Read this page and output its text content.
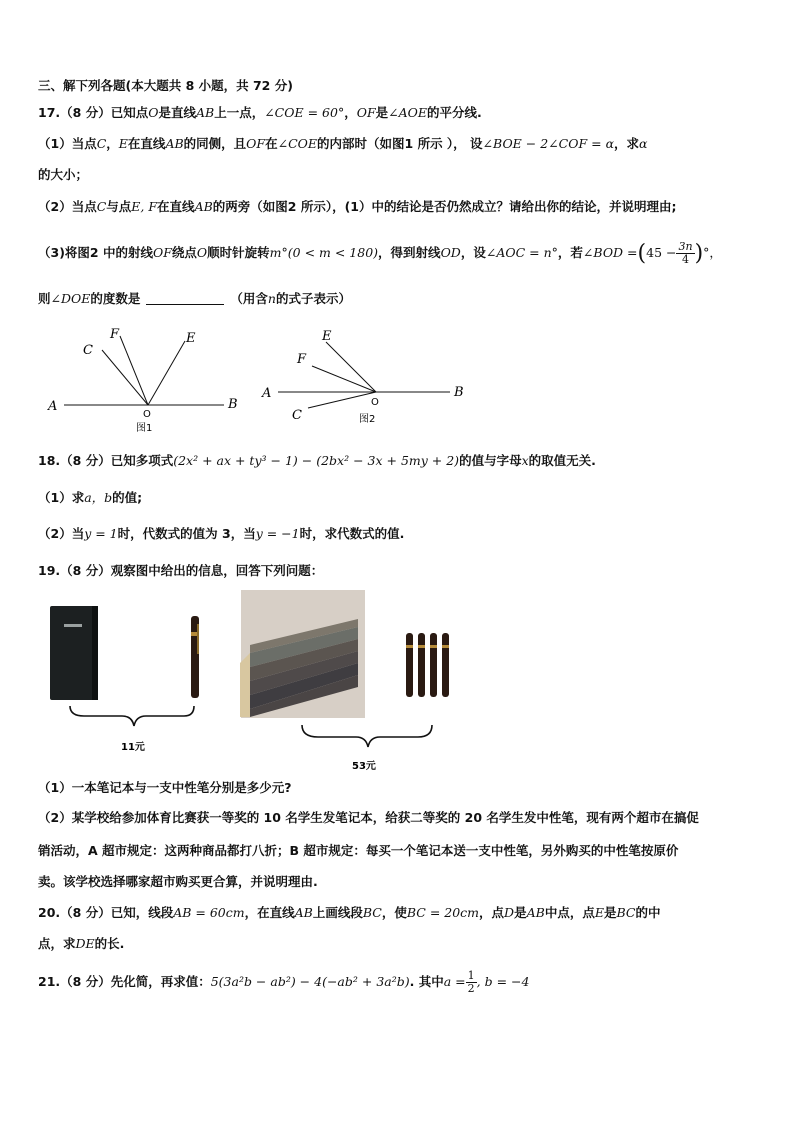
三、解下列各题(本大题共 8 小题，共 72 分)
17.（8 分）已知点O是直线AB上一点，∠COE = 60°，OF是∠AOE的平分线.
（1）当点C，E在直线AB的同侧，且OF在∠COE的内部时（如图1 所示 ）， 设∠BOE − 2∠COF = α，求α
的大小；
（2）当点C与点E, F在直线AB的两旁（如图2 所示），(1）中的结论是否仍然成立？请给出你的结论，并说明理由;
（3)将图2 中的射线OF绕点O顺时针旋转m°(0 < m < 180)，得到射线OD，设∠AOC = n°，若∠BOD $=(45 - \frac{3n}{4}$ )°，
则∠DOE的度数是	（用含n的式子表示）
A	B
O
C
F	E
图1
A	B
O
E
F
C	图2
18.（8 分）已知多项式(2x² + ax + ty³ − 1) − (2bx² − 3x + 5my + 2)的值与字母x的取值无关.
（1）求a，b的值;
（2）当y = 1时，代数式的值为 3，当y = −1时，求代数式的值.
19.（8 分）观察图中给出的信息，回答下列问题：
11元
53元
（1）一本笔记本与一支中性笔分别是多少元?
（2）某学校给参加体育比赛获一等奖的 10 名学生发笔记本，给获二等奖的 20 名学生发中性笔，现有两个超市在搞促
销活动，A 超市规定：这两种商品都打八折；B 超市规定：每买一个笔记本送一支中性笔，另外购买的中性笔按原价
卖。该学校选择哪家超市购买更合算，并说明理由.
20.（8 分）已知，线段AB = 60cm，在直线AB上画线段BC，使BC = 20cm，点D是AB中点，点E是BC的中
点，求DE的长.
21.（8 分）先化简，再求值：5(3a²b − ab²) − 4(−ab² + 3a²b). 其中$a = \frac{1}{2}$ , b = −4
